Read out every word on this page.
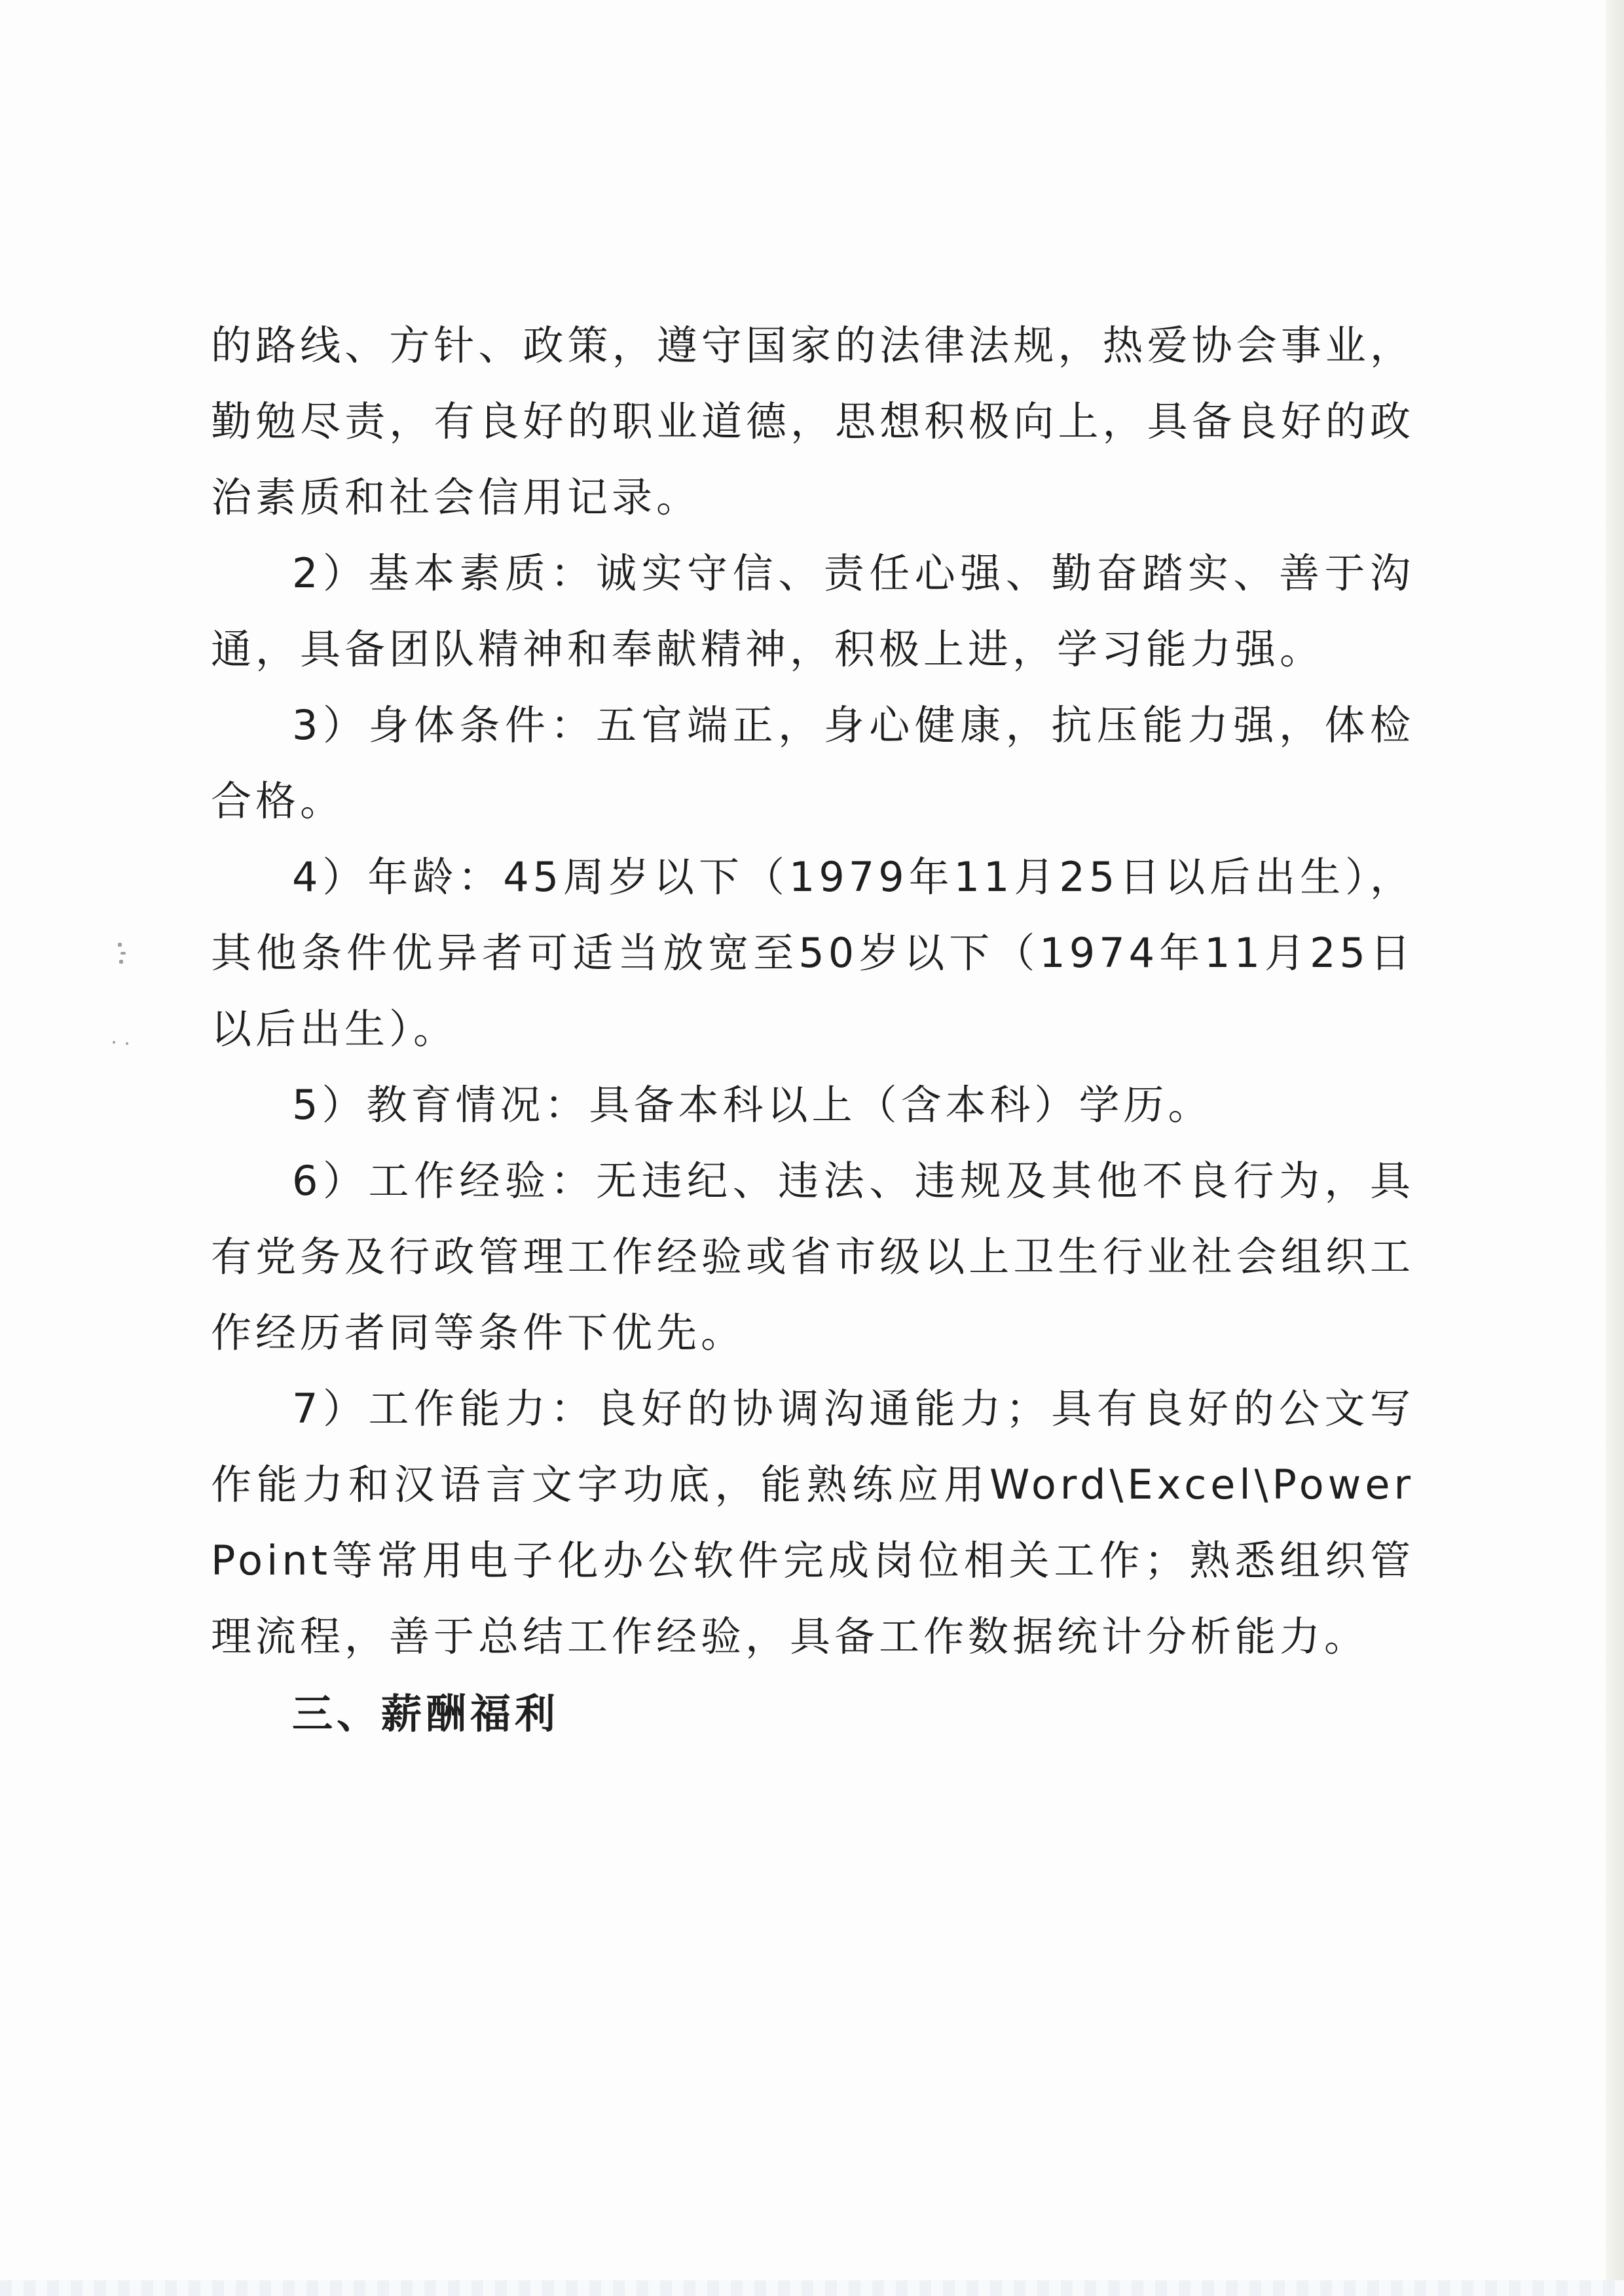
的路线、方针、政策，遵守国家的法律法规，热爱协会事业，勤勉尽责，有良好的职业道德，思想积极向上，具备良好的政治素质和社会信用记录。

2）基本素质：诚实守信、责任心强、勤奋踏实、善于沟通，具备团队精神和奉献精神，积极上进，学习能力强。

3）身体条件：五官端正，身心健康，抗压能力强，体检合格。

4）年龄：45周岁以下（1979年11月25日以后出生），其他条件优异者可适当放宽至50岁以下（1974年11月25日以后出生）。

5）教育情况：具备本科以上（含本科）学历。

6）工作经验：无违纪、违法、违规及其他不良行为，具有党务及行政管理工作经验或省市级以上卫生行业社会组织工作经历者同等条件下优先。

7）工作能力：良好的协调沟通能力；具有良好的公文写作能力和汉语言文字功底，能熟练应用Word\Excel\Power Point等常用电子化办公软件完成岗位相关工作；熟悉组织管理流程，善于总结工作经验，具备工作数据统计分析能力。

三、薪酬福利
